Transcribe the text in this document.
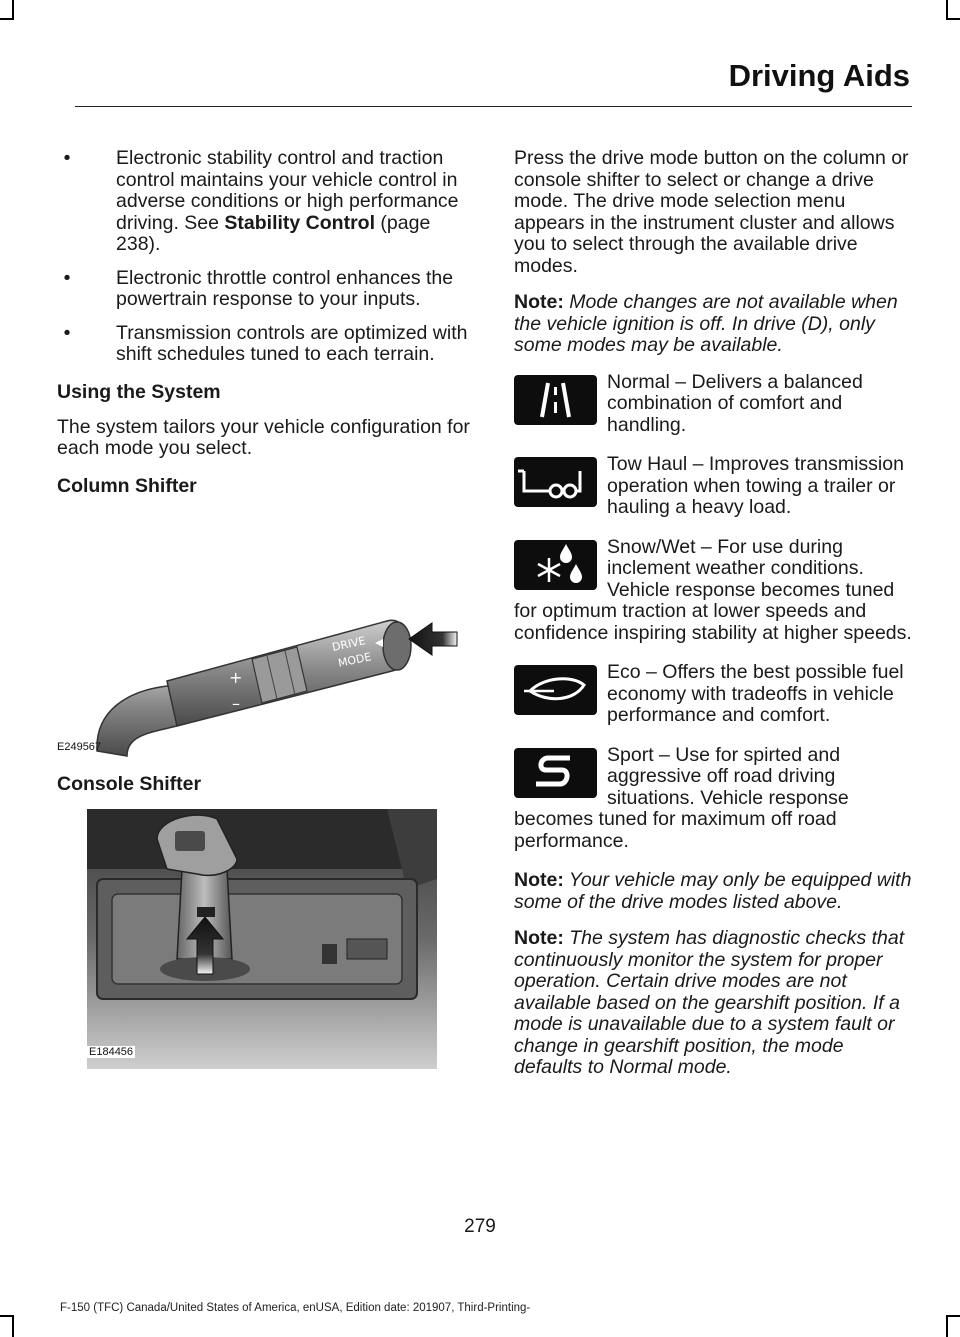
Driving Aids
•	Electronic stability control and traction control maintains your vehicle control in adverse conditions or high performance driving. See Stability Control (page 238).
•	Electronic throttle control enhances the powertrain response to your inputs.
•	Transmission controls are optimized with shift schedules tuned to each terrain.
Using the System

The system tailors your vehicle configuration for each mode you select.

Column Shifter
+
–
DRIVE
MODE
E249567
Console Shifter
E184456

Press the drive mode button on the column or console shifter to select or change a drive mode. The drive mode selection menu appears in the instrument cluster and allows you to select through the available drive modes.

Note: Mode changes are not available when the vehicle ignition is off. In drive (D), only some modes may be available.

Normal – Delivers a balanced combination of comfort and handling.

Tow Haul – Improves transmission operation when towing a trailer or hauling a heavy load.

Snow/Wet – For use during inclement weather conditions. Vehicle response becomes tuned for optimum traction at lower speeds and confidence inspiring stability at higher speeds.

Eco – Offers the best possible fuel economy with tradeoffs in vehicle performance and comfort.

Sport – Use for spirted and aggressive off road driving situations. Vehicle response becomes tuned for maximum off road performance.

Note: Your vehicle may only be equipped with some of the drive modes listed above.

Note: The system has diagnostic checks that continuously monitor the system for proper operation. Certain drive modes are not available based on the gearshift position. If a mode is unavailable due to a system fault or change in gearshift position, the mode defaults to Normal mode.

279
F-150 (TFC) Canada/United States of America, enUSA, Edition date: 201907, Third-Printing-
